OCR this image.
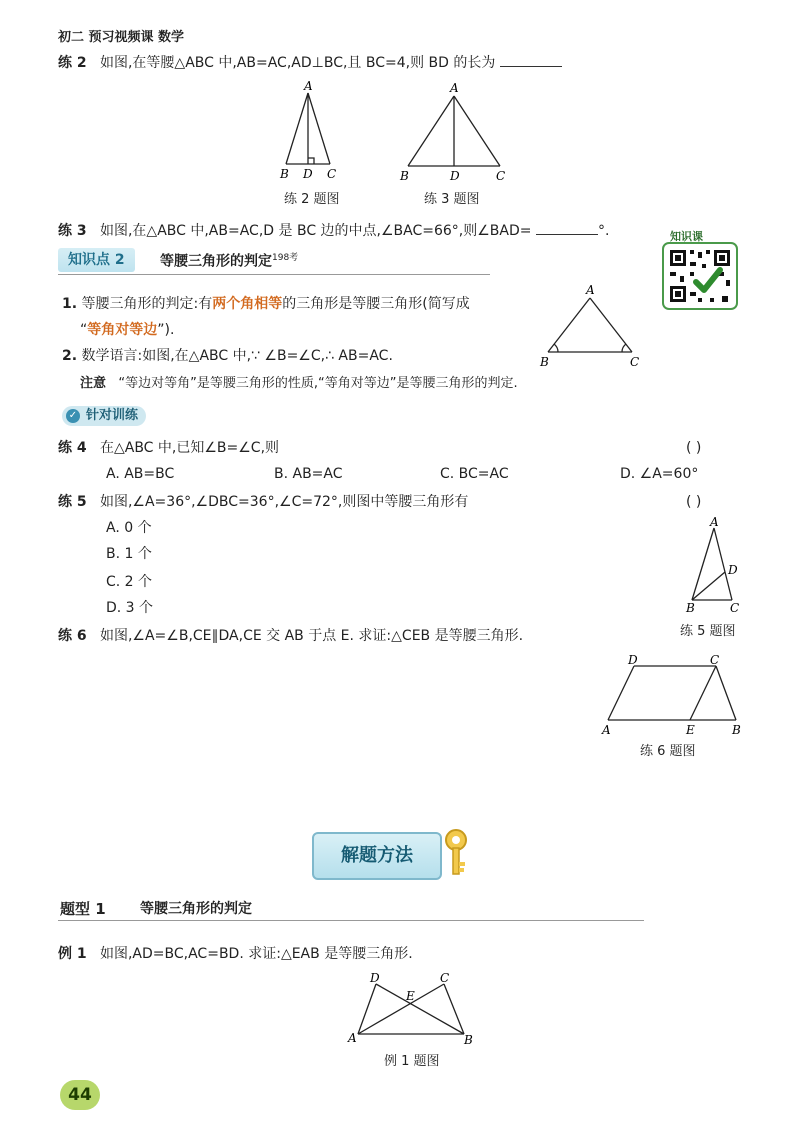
初二 预习视频课 数学
练 2 如图,在等腰△ABC 中,AB=AC,AD⊥BC,且 BC=4,则 BD 的长为
A
B D C
练 2 题图
A
B	D	C
练 3 题图
练 3 如图,在△ABC 中,AB=AC,D 是 BC 边的中点,∠BAC=66°,则∠BAD=	°.
知识点 2	等腰三角形的判定$^{198考}$
知识课
1. 等腰三角形的判定:有两个角相等的三角形是等腰三角形(简写成
“等角对等边”).
2. 数学语言:如图,在△ABC 中,∵ ∠B=∠C,∴ AB=AC.
注意 “等边对等角”是等腰三角形的性质,“等角对等边”是等腰三角形的判定.
A
B	C
✓ 针对训练
练 4 在△ABC 中,已知∠B=∠C,则	( )
A. AB=BC	B. AB=AC	C. BC=AC	D. ∠A=60°
练 5 如图,∠A=36°,∠DBC=36°,∠C=72°,则图中等腰三角形有	( )
A. 0 个
B. 1 个
C. 2 个
D. 3 个
A
D
B	C
练 5 题图
练 6 如图,∠A=∠B,CE∥DA,CE 交 AB 于点 E. 求证:△CEB 是等腰三角形.
D	C
A	E	B
练 6 题图
解题方法
题型 1 等腰三角形的判定
例 1 如图,AD=BC,AC=BD. 求证:△EAB 是等腰三角形.
D	C
E
A	B
例 1 题图
44
